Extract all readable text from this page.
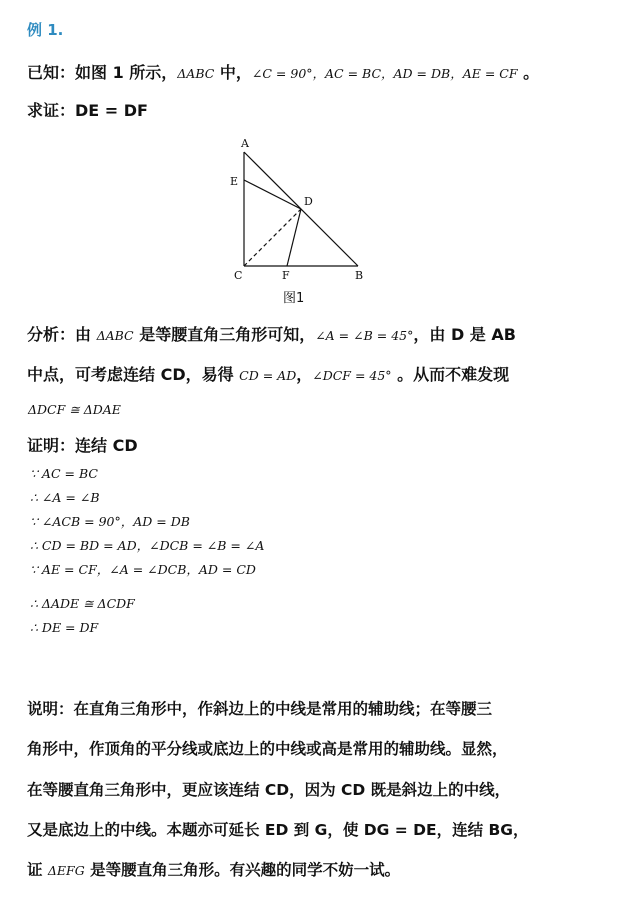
例 1.
已知：如图 1 所示，ΔABC 中，∠C = 90°，AC = BC，AD = DB，AE = CF 。
求证：DE = DF
A
E
D
C	F	B
图1
分析：由 ΔABC 是等腰直角三角形可知，∠A = ∠B = 45°，由 D 是 AB
中点，可考虑连结 CD，易得 CD = AD，∠DCF = 45° 。从而不难发现
ΔDCF ≅ ΔDAE
证明：连结 CD
∵ AC = BC
∴ ∠A = ∠B
∵ ∠ACB = 90°，AD = DB
∴ CD = BD = AD，∠DCB = ∠B = ∠A
∵ AE = CF，∠A = ∠DCB，AD = CD
∴ ΔADE ≅ ΔCDF
∴ DE = DF
说明：在直角三角形中，作斜边上的中线是常用的辅助线；在等腰三
角形中，作顶角的平分线或底边上的中线或高是常用的辅助线。显然，
在等腰直角三角形中，更应该连结 CD，因为 CD 既是斜边上的中线，
又是底边上的中线。本题亦可延长 ED 到 G，使 DG = DE，连结 BG，
证 ΔEFG 是等腰直角三角形。有兴趣的同学不妨一试。
